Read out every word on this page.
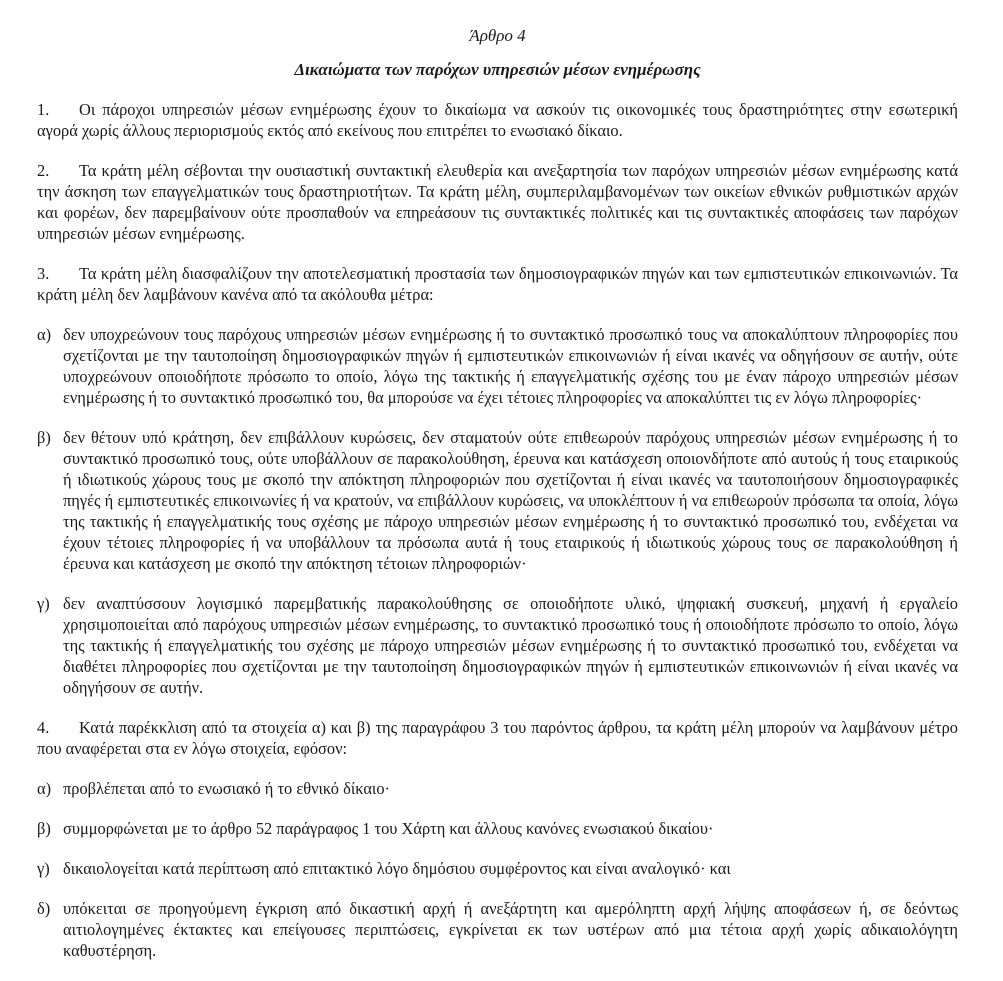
Άρθρο 4

Δικαιώματα των παρόχων υπηρεσιών μέσων ενημέρωσης

1. Οι πάροχοι υπηρεσιών μέσων ενημέρωσης έχουν το δικαίωμα να ασκούν τις οικονομικές τους δραστηριότητες στην εσωτερική αγορά χωρίς άλλους περιορισμούς εκτός από εκείνους που επιτρέπει το ενωσιακό δίκαιο.

2. Τα κράτη μέλη σέβονται την ουσιαστική συντακτική ελευθερία και ανεξαρτησία των παρόχων υπηρεσιών μέσων ενημέρωσης κατά την άσκηση των επαγγελματικών τους δραστηριοτήτων. Τα κράτη μέλη, συμπεριλαμβανομένων των οικείων εθνικών ρυθμιστικών αρχών και φορέων, δεν παρεμβαίνουν ούτε προσπαθούν να επηρεάσουν τις συντακτικές πολιτικές και τις συντακτικές αποφάσεις των παρόχων υπηρεσιών μέσων ενημέρωσης.

3. Τα κράτη μέλη διασφαλίζουν την αποτελεσματική προστασία των δημοσιογραφικών πηγών και των εμπιστευτικών επικοινωνιών. Τα κράτη μέλη δεν λαμβάνουν κανένα από τα ακόλουθα μέτρα:

α) δεν υποχρεώνουν τους παρόχους υπηρεσιών μέσων ενημέρωσης ή το συντακτικό προσωπικό τους να αποκαλύπτουν πληροφορίες που σχετίζονται με την ταυτοποίηση δημοσιογραφικών πηγών ή εμπιστευτικών επικοινωνιών ή είναι ικανές να οδηγήσουν σε αυτήν, ούτε υποχρεώνουν οποιοδήποτε πρόσωπο το οποίο, λόγω της τακτικής ή επαγγελματικής σχέσης του με έναν πάροχο υπηρεσιών μέσων ενημέρωσης ή το συντακτικό προσωπικό του, θα μπορούσε να έχει τέτοιες πληροφορίες να αποκαλύπτει τις εν λόγω πληροφορίες·
β) δεν θέτουν υπό κράτηση, δεν επιβάλλουν κυρώσεις, δεν σταματούν ούτε επιθεωρούν παρόχους υπηρεσιών μέσων ενημέρωσης ή το συντακτικό προσωπικό τους, ούτε υποβάλλουν σε παρακολούθηση, έρευνα και κατάσχεση οποιονδήποτε από αυτούς ή τους εταιρικούς ή ιδιωτικούς χώρους τους με σκοπό την απόκτηση πληροφοριών που σχετίζονται ή είναι ικανές να ταυτοποιήσουν δημοσιογραφικές πηγές ή εμπιστευτικές επικοινωνίες ή να κρατούν, να επιβάλλουν κυρώσεις, να υποκλέπτουν ή να επιθεωρούν πρόσωπα τα οποία, λόγω της τακτικής ή επαγγελματικής τους σχέσης με πάροχο υπηρεσιών μέσων ενημέρωσης ή το συντακτικό προσωπικό του, ενδέχεται να έχουν τέτοιες πληροφορίες ή να υποβάλλουν τα πρόσωπα αυτά ή τους εταιρικούς ή ιδιωτικούς χώρους τους σε παρακολούθηση ή έρευνα και κατάσχεση με σκοπό την απόκτηση τέτοιων πληροφοριών·
γ) δεν αναπτύσσουν λογισμικό παρεμβατικής παρακολούθησης σε οποιοδήποτε υλικό, ψηφιακή συσκευή, μηχανή ή εργαλείο χρησιμοποιείται από παρόχους υπηρεσιών μέσων ενημέρωσης, το συντακτικό προσωπικό τους ή οποιοδήποτε πρόσωπο το οποίο, λόγω της τακτικής ή επαγγελματικής του σχέσης με πάροχο υπηρεσιών μέσων ενημέρωσης ή το συντακτικό προσωπικό του, ενδέχεται να διαθέτει πληροφορίες που σχετίζονται με την ταυτοποίηση δημοσιογραφικών πηγών ή εμπιστευτικών επικοινωνιών ή είναι ικανές να οδηγήσουν σε αυτήν.

4. Κατά παρέκκλιση από τα στοιχεία α) και β) της παραγράφου 3 του παρόντος άρθρου, τα κράτη μέλη μπορούν να λαμβάνουν μέτρο που αναφέρεται στα εν λόγω στοιχεία, εφόσον:

α) προβλέπεται από το ενωσιακό ή το εθνικό δίκαιο·
β) συμμορφώνεται με το άρθρο 52 παράγραφος 1 του Χάρτη και άλλους κανόνες ενωσιακού δικαίου·
γ) δικαιολογείται κατά περίπτωση από επιτακτικό λόγο δημόσιου συμφέροντος και είναι αναλογικό· και
δ) υπόκειται σε προηγούμενη έγκριση από δικαστική αρχή ή ανεξάρτητη και αμερόληπτη αρχή λήψης αποφάσεων ή, σε δεόντως αιτιολογημένες έκτακτες και επείγουσες περιπτώσεις, εγκρίνεται εκ των υστέρων από μια τέτοια αρχή χωρίς αδικαιολόγητη καθυστέρηση.
